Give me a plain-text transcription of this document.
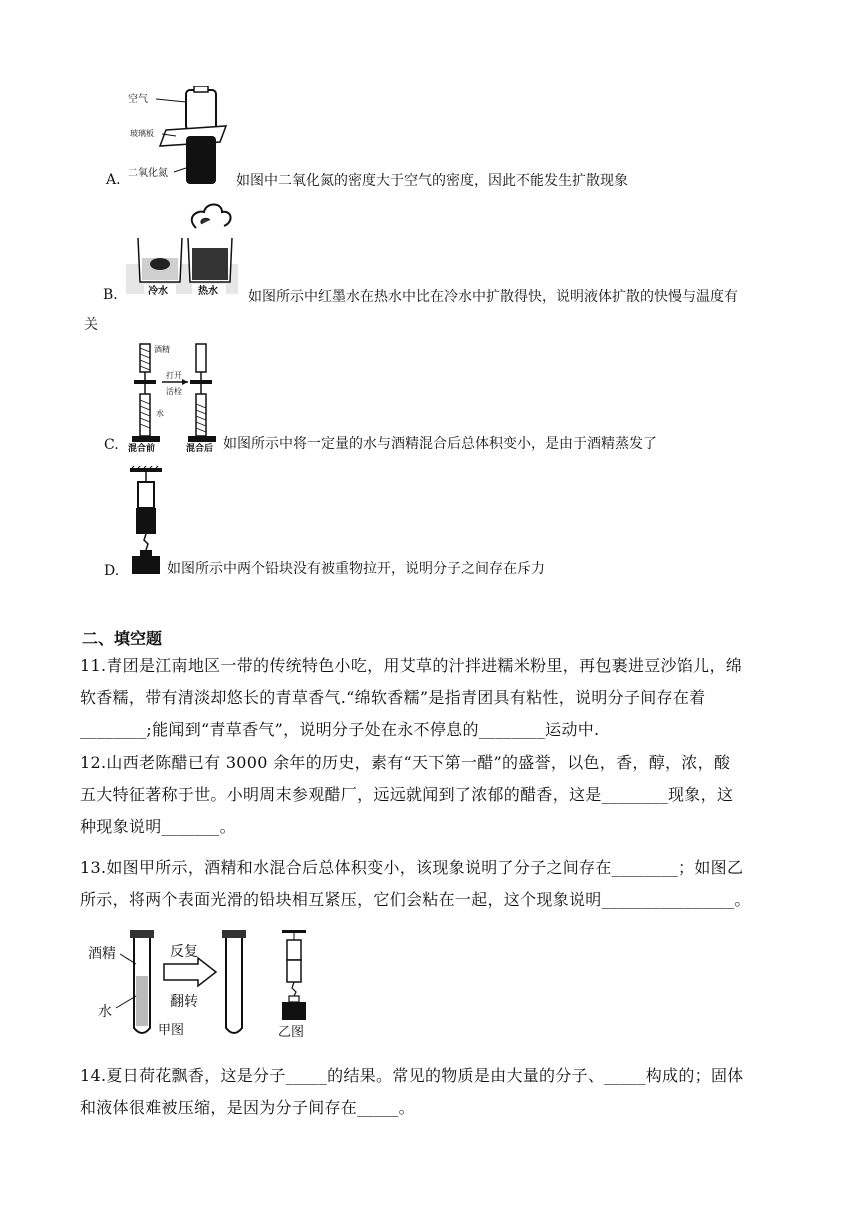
空气
玻璃板
二氧化氮
A.	如图中二氧化氮的密度大于空气的密度，因此不能发生扩散现象
冷水	热水
B.	如图所示中红墨水在热水中比在冷水中扩散得快，说明液体扩散的快慢与温度有
关
酒精
打开
活栓
水
混合前	混合后
C.	如图所示中将一定量的水与酒精混合后总体积变小，是由于酒精蒸发了
D.	如图所示中两个铅块没有被重物拉开，说明分子之间存在斥力
二、填空题
11.青团是江南地区一带的传统特色小吃，用艾草的汁拌进糯米粉里，再包裹进豆沙馅儿，绵
软香糯，带有清淡却悠长的青草香气.“绵软香糯”是指青团具有粘性，说明分子间存在着
________;能闻到“青草香气”，说明分子处在永不停息的________运动中.
12.山西老陈醋已有 3000 余年的历史，素有“天下第一醋”的盛誉，以色，香，醇，浓，酸
五大特征著称于世。小明周末参观醋厂，远远就闻到了浓郁的醋香，这是________现象，这
种现象说明_______。
13.如图甲所示，酒精和水混合后总体积变小，该现象说明了分子之间存在________；如图乙
所示，将两个表面光滑的铅块相互紧压，它们会粘在一起，这个现象说明________________。
酒精
水
反复
翻转
甲图	乙图
14.夏日荷花飘香，这是分子_____的结果。常见的物质是由大量的分子、_____构成的；固体
和液体很难被压缩，是因为分子间存在_____。
